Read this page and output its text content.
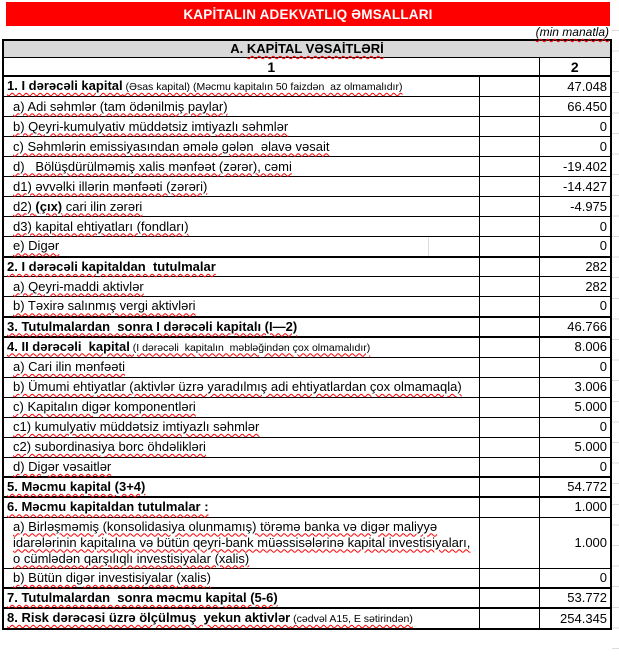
KAPİTALIN ADEKVATLIQ ƏMSALLARI
(min manatla)
A. KAPİTAL VƏSAİTLƏRİ		
1		2
1. I dərəcəli kapital (Əsas kapital) (Məcmu kapitalın 50 faizdən  az olmamalıdır)		47.048
a) Adi səhmlər (tam ödənilmiş paylar)		66.450
b) Qeyri-kumulyativ müddətsiz imtiyazlı səhmlər		0
c) Səhmlərin emissiyasından əmələ gələn  əlavə vəsait		0
d)   Bölüşdürülməmiş xalis mənfəət (zərər), cəmi		-19.402
d1) əvvəlki illərin mənfəəti (zərəri)		-14.427
d2) (çıx) cari ilin zərəri		-4.975
d3) kapital ehtiyatları (fondları)		0
e) Digər		0
2. I dərəcəli kapitaldan  tutulmalar		282
a) Qeyri-maddi aktivlər		282
b) Təxirə salınmış vergi aktivləri		0
3. Tutulmalardan  sonra I dərəcəli kapitalı (I—2)		46.766
4. II dərəcəli  kapital (I dərəcəli  kapitalın  məbləğindən çox olmamalıdır)		8.006
a) Cari ilin mənfəəti		0
b) Ümumi ehtiyatlar (aktivlər üzrə yaradılmış adi ehtiyatlardan çox olmamaqla)		3.006
c) Kapitalın digər komponentləri		5.000
c1) kumulyativ müddətsiz imtiyazlı səhmlər		0
c2) subordinasiya borc öhdəlikləri		5.000
d) Digər vəsaitlər		0
5. Məcmu kapital (3+4)		54.772
6. Məcmu kapitaldan tutulmalar :		1.000
a) Birləşməmiş (konsolidasiya olunmamış) törəmə banka və digər maliyyə idarələrinin kapitalına və bütün qeyri-bank müəssisələrinə kapital investisiyaları, o cümlədən qarşılıqlı investisiyalar (xalis)		1.000
b) Bütün digər investisiyalar (xalis)		0
7. Tutulmalardan  sonra məcmu kapital (5-6)		53.772
8. Risk dərəcəsi üzrə ölçülmuş  yekun aktivlər (cədvəl A15, E sətirindən)		254.345
